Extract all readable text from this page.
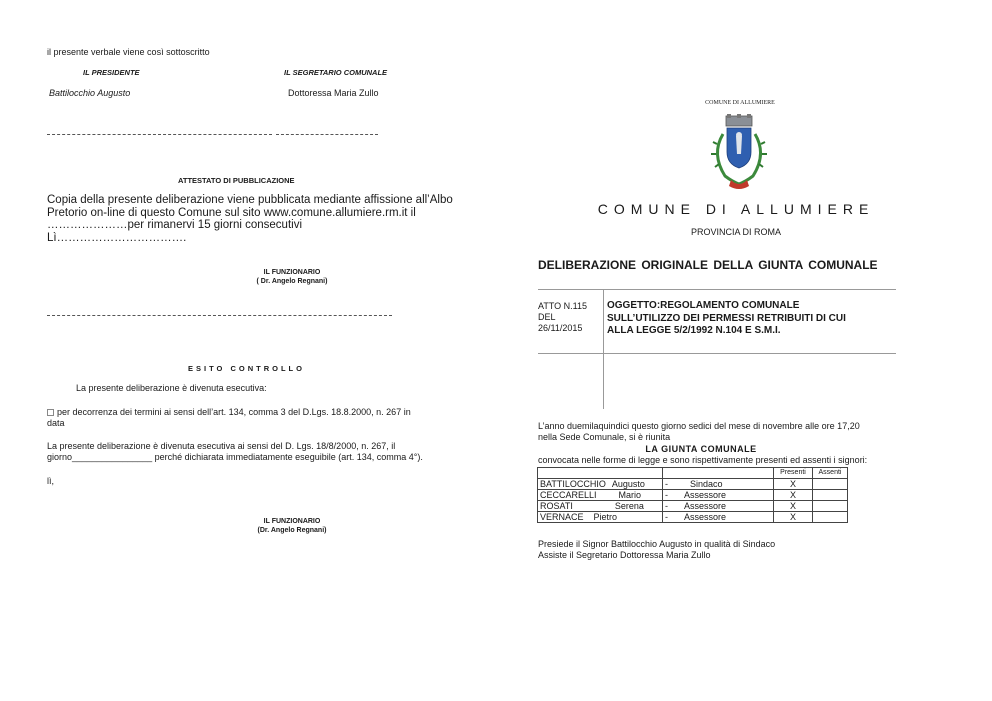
il presente verbale viene così sottoscritto
IL PRESIDENTE	IL SEGRETARIO COMUNALE
Battilocchio Augusto	Dottoressa Maria Zullo
ATTESTATO DI PUBBLICAZIONE
Copia della presente deliberazione viene pubblicata mediante affissione all’Albo
Pretorio on-line di questo Comune sul sito www.comune.allumiere.rm.it il
…………………per rimanervi 15 giorni consecutivi
Lì…………………………….
IL FUNZIONARIO
( Dr. Angelo Regnani)
ESITO CONTROLLO
La presente deliberazione è divenuta esecutiva:
per decorrenza dei termini ai sensi dell’art. 134, comma 3 del D.Lgs. 18.8.2000, n. 267 in
data
La presente deliberazione è divenuta esecutiva ai sensi del D. Lgs. 18/8/2000, n. 267, il
giorno________________ perché dichiarata immediatamente eseguibile (art. 134, comma 4°).
lì,
IL FUNZIONARIO
(Dr. Angelo Regnani)
COMUNE DI ALLUMIERE
COMUNE DI ALLUMIERE
PROVINCIA DI ROMA
DELIBERAZIONE ORIGINALE DELLA GIUNTA COMUNALE
ATTO N.115
DEL
26/11/2015
OGGETTO:REGOLAMENTO COMUNALE
SULL’UTILIZZO DEI PERMESSI RETRIBUITI DI CUI
ALLA LEGGE 5/2/1992 N.104 E S.M.I.
L’anno duemilaquindici questo giorno sedici del mese di novembre alle ore 17,20
nella Sede Comunale, si è riunita
LA GIUNTA COMUNALE
convocata nelle forme di legge e sono rispettivamente presenti ed assenti i signori:
		Presenti	Assenti
BATTILOCCHIO Augusto	- Sindaco	X	
CECCARELLI Mario	- Assessore	X	
ROSATI Serena	- Assessore	X	
VERNACE Pietro	- Assessore	X	
Presiede il Signor Battilocchio Augusto in qualità di Sindaco
Assiste il Segretario Dottoressa Maria Zullo
